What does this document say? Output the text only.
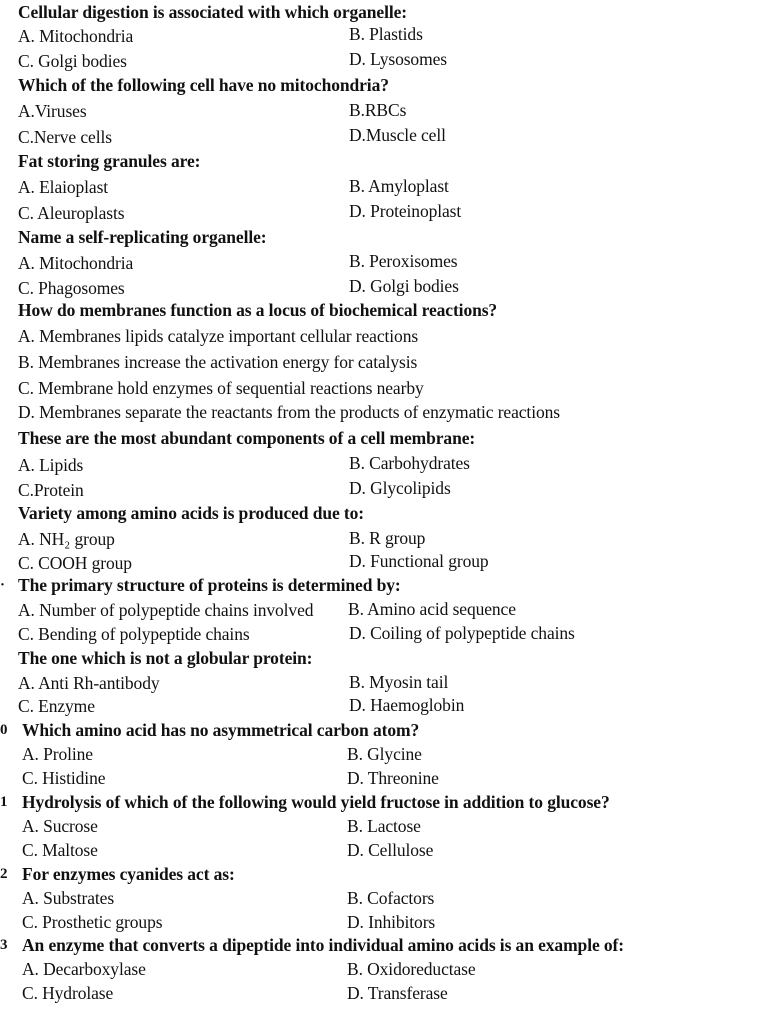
Cellular digestion is associated with which organelle:
A. Mitochondria	B. Plastids
C. Golgi bodies	D. Lysosomes
Which of the following cell have no mitochondria?
A.Viruses	B.RBCs
C.Nerve cells	D.Muscle cell
Fat storing granules are:
A. Elaioplast	B. Amyloplast
C. Aleuroplasts	D. Proteinoplast
Name a self-replicating organelle:
A. Mitochondria	B. Peroxisomes
C. Phagosomes	D. Golgi bodies
How do membranes function as a locus of biochemical reactions?
A. Membranes lipids catalyze important cellular reactions
B. Membranes increase the activation energy for catalysis
C. Membrane hold enzymes of sequential reactions nearby
D. Membranes separate the reactants from the products of enzymatic reactions
These are the most abundant components of a cell membrane:
A. Lipids	B. Carbohydrates
C.Protein	D. Glycolipids
Variety among amino acids is produced due to:
A. NH₂ group	B. R group
C. COOH group	D. Functional group
· The primary structure of proteins is determined by:
A. Number of polypeptide chains involved B. Amino acid sequence
C. Bending of polypeptide chains	D. Coiling of polypeptide chains
The one which is not a globular protein:
A. Anti Rh-antibody	B. Myosin tail
C. Enzyme	D. Haemoglobin
0 Which amino acid has no asymmetrical carbon atom?
A. Proline	B. Glycine
C. Histidine	D. Threonine
1 Hydrolysis of which of the following would yield fructose in addition to glucose?
A. Sucrose	B. Lactose
C. Maltose	D. Cellulose
2 For enzymes cyanides act as:
A. Substrates	B. Cofactors
C. Prosthetic groups	D. Inhibitors
3 An enzyme that converts a dipeptide into individual amino acids is an example of:
A. Decarboxylase	B. Oxidoreductase
C. Hydrolase	D. Transferase
